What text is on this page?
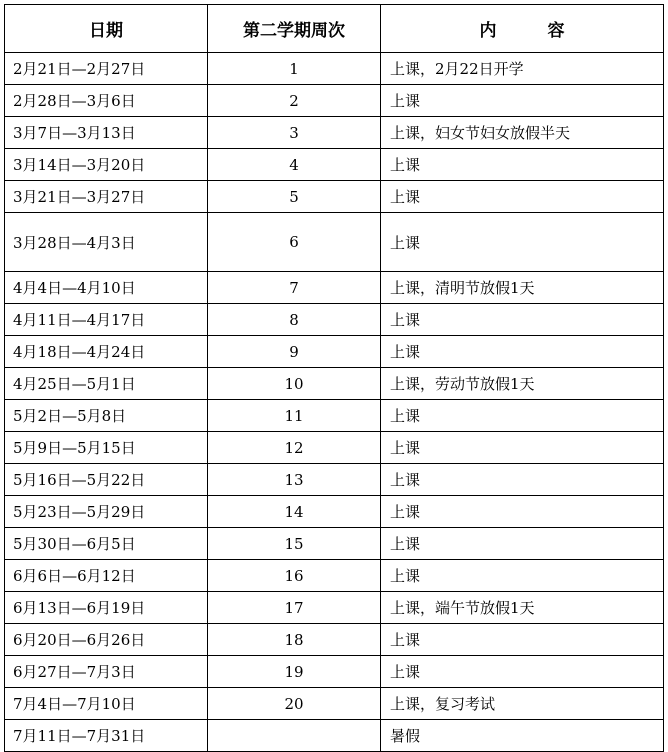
日期	第二学期周次	内　　　容
2月21日—2月27日	1	上课，2月22日开学
2月28日—3月6日	2	上课
3月7日—3月13日	3	上课，妇女节妇女放假半天
3月14日—3月20日	4	上课
3月21日—3月27日	5	上课
3月28日—4月3日	6	上课
4月4日—4月10日	7	上课，清明节放假1天
4月11日—4月17日	8	上课
4月18日—4月24日	9	上课
4月25日—5月1日	10	上课，劳动节放假1天
5月2日—5月8日	11	上课
5月9日—5月15日	12	上课
5月16日—5月22日	13	上课
5月23日—5月29日	14	上课
5月30日—6月5日	15	上课
6月6日—6月12日	16	上课
6月13日—6月19日	17	上课，端午节放假1天
6月20日—6月26日	18	上课
6月27日—7月3日	19	上课
7月4日—7月10日	20	上课，复习考试
7月11日—7月31日		暑假
